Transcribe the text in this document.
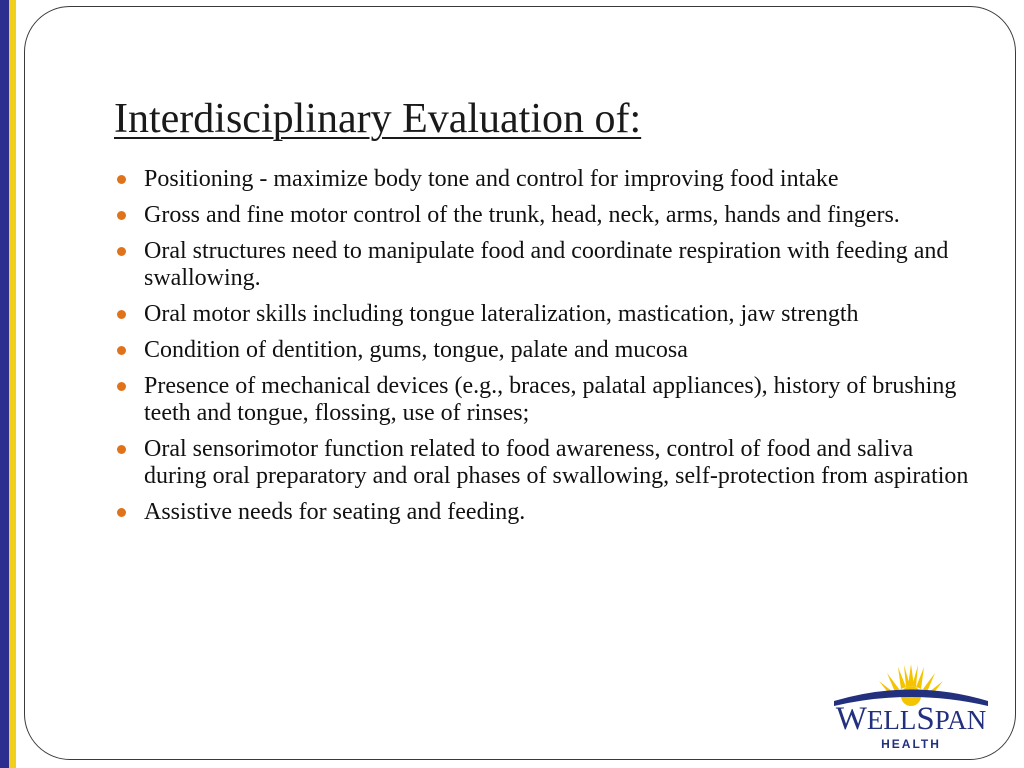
Interdisciplinary Evaluation of:
Positioning - maximize body tone and control for improving food intake
Gross and fine motor control of the trunk, head, neck, arms, hands and fingers.
Oral structures need to manipulate food and coordinate respiration with feeding and swallowing.
Oral motor skills including tongue lateralization, mastication, jaw strength
Condition of dentition, gums, tongue, palate and mucosa
Presence of mechanical devices (e.g., braces, palatal appliances), history of brushing teeth and tongue, flossing, use of rinses;
Oral sensorimotor function related to food awareness, control of food and saliva during oral preparatory and oral phases of swallowing, self-protection from aspiration
Assistive needs for seating and feeding.
WELLSPAN
HEALTH
